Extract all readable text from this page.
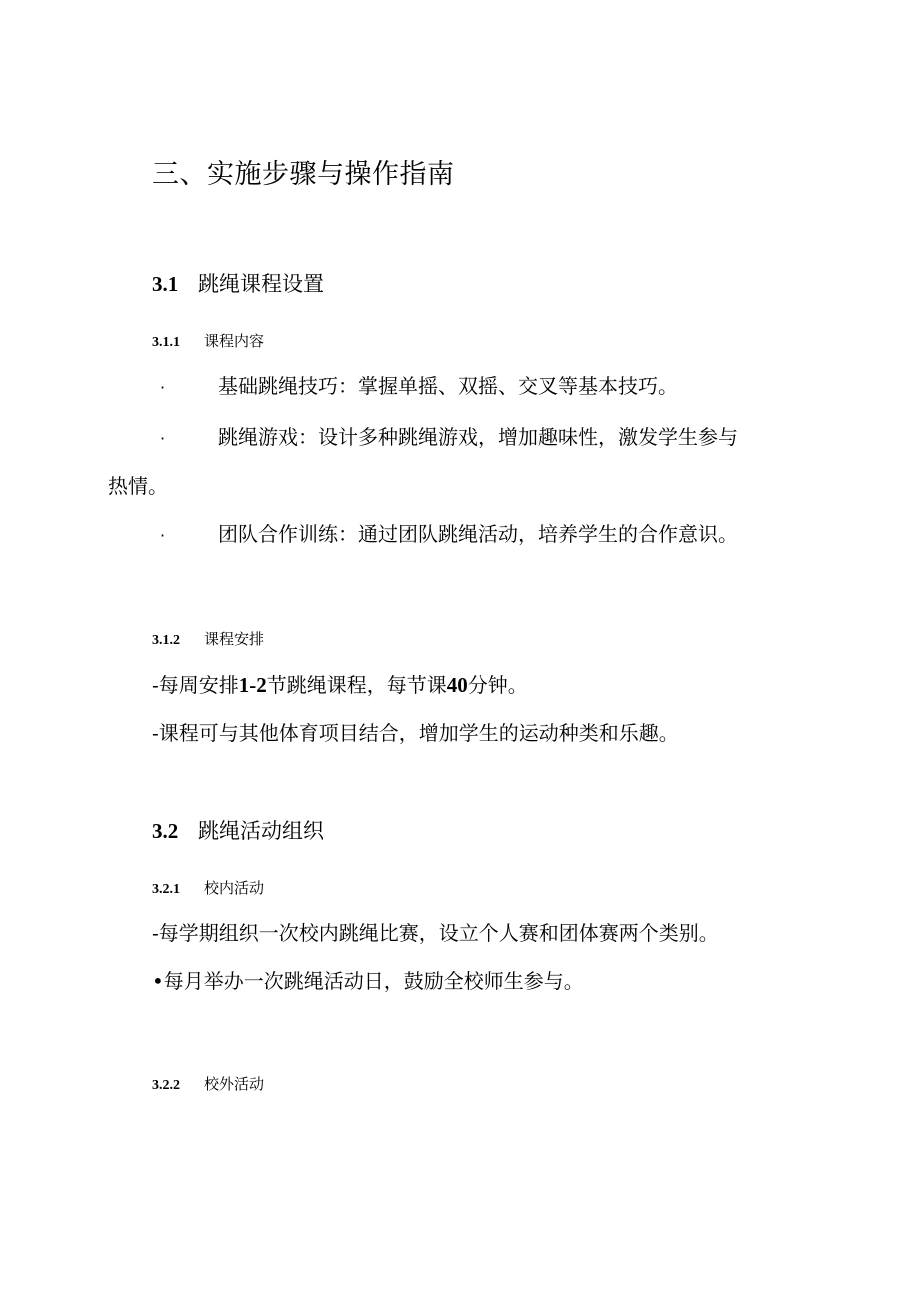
三、实施步骤与操作指南
3.1 跳绳课程设置
3.1.1 课程内容
·	基础跳绳技巧：掌握单摇、双摇、交叉等基本技巧。
·	跳绳游戏：设计多种跳绳游戏，增加趣味性，激发学生参与
热情。
·	团队合作训练：通过团队跳绳活动，培养学生的合作意识。
3.1.2 课程安排
-每周安排1-2节跳绳课程，每节课40分钟。
-课程可与其他体育项目结合，增加学生的运动种类和乐趣。
3.2 跳绳活动组织
3.2.1 校内活动
-每学期组织一次校内跳绳比赛，设立个人赛和团体赛两个类别。
•每月举办一次跳绳活动日，鼓励全校师生参与。
3.2.2 校外活动
